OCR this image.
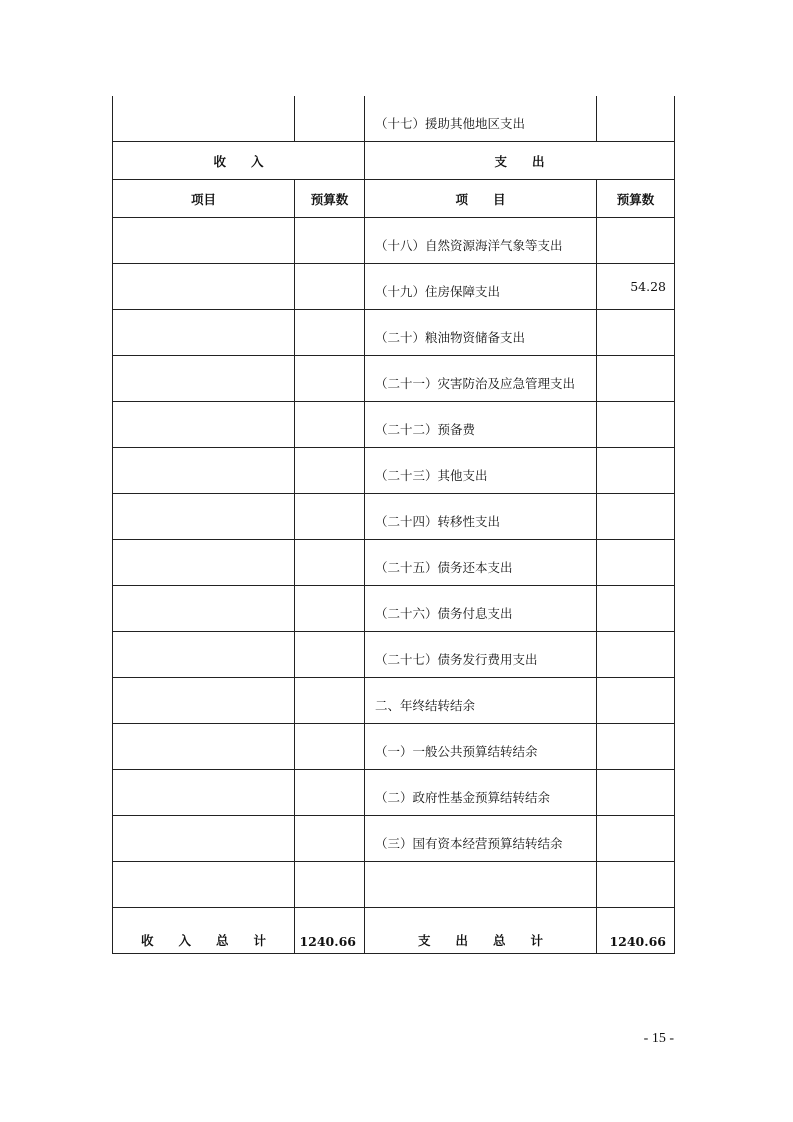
		（十七）援助其他地区支出	
收　　入		支　　出	
项目	预算数	项　　目	预算数
		（十八）自然资源海洋气象等支出	
		（十九）住房保障支出	54.28
		（二十）粮油物资储备支出	
		（二十一）灾害防治及应急管理支出	
		（二十二）预备费	
		（二十三）其他支出	
		（二十四）转移性支出	
		（二十五）债务还本支出	
		（二十六）债务付息支出	
		（二十七）债务发行费用支出	
		二、年终结转结余	
		（一）一般公共预算结转结余	
		（二）政府性基金预算结转结余	
		（三）国有资本经营预算结转结余	

收　　入　　总　　计	1240.66	支　　出　　总　　计	1240.66
- 15 -
